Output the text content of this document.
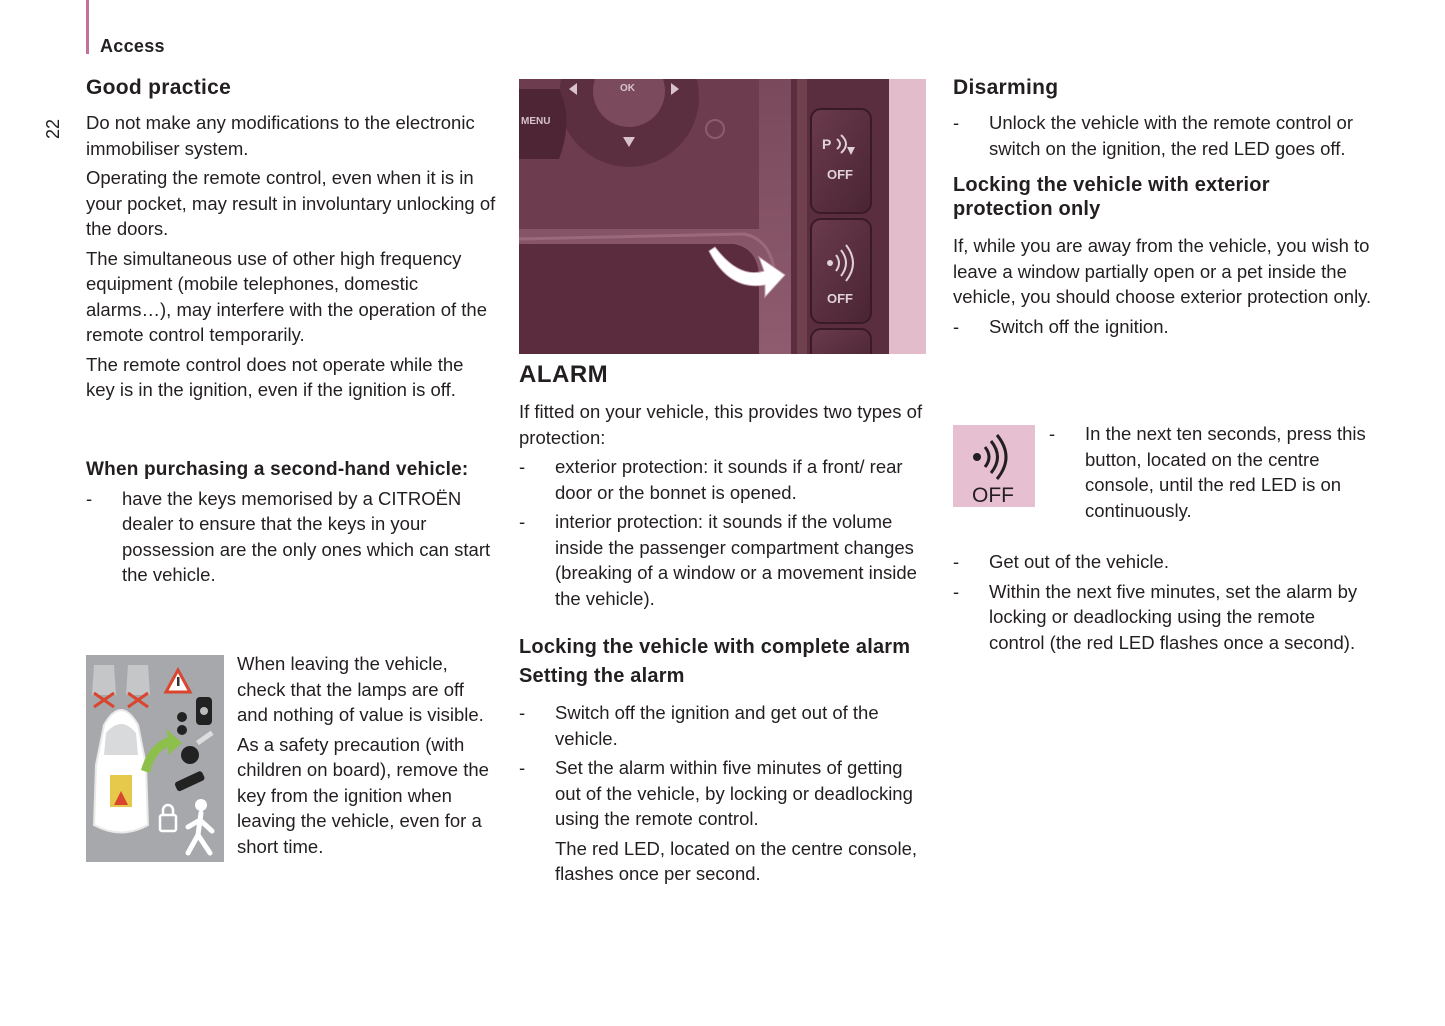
Access
22
Good practice

Do not make any modifications to the electronic immobiliser system.

Operating the remote control, even when it is in your pocket, may result in involuntary unlocking of the doors.

The simultaneous use of other high frequency equipment (mobile telephones, domestic alarms…), may interfere with the operation of the remote control temporarily.

The remote control does not operate while the key is in the ignition, even if the ignition is off.

When purchasing a second-hand vehicle:
- have the keys memorised by a CITROËN dealer to ensure that the keys in your possession are the only ones which can start the vehicle.

When leaving the vehicle, check that the lamps are off and nothing of value is visible.

As a safety precaution (with children on board), remove the key from the ignition when leaving the vehicle, even for a short time.

MENU
OK
P
OFF
OFF
ALARM

If fitted on your vehicle, this provides two types of protection:

- exterior protection: it sounds if a front/ rear door or the bonnet is opened.
- interior protection: it sounds if the volume inside the passenger compartment changes (breaking of a window or a movement inside the vehicle).
Locking the vehicle with complete alarm
Setting the alarm
- Switch off the ignition and get out of the vehicle.
- Set the alarm within five minutes of getting out of the vehicle, by locking or deadlocking using the remote control.
The red LED, located on the centre console, flashes once per second.
Disarming
- Unlock the vehicle with the remote control or switch on the ignition, the red LED goes off.
Locking the vehicle with exterior protection only

If, while you are away from the vehicle, you wish to leave a window partially open or a pet inside the vehicle, you should choose exterior protection only.

- Switch off the ignition.
OFF
- In the next ten seconds, press this button, located on the centre console, until the red LED is on continuously.
- Get out of the vehicle.
- Within the next five minutes, set the alarm by locking or deadlocking using the remote control (the red LED flashes once a second).
